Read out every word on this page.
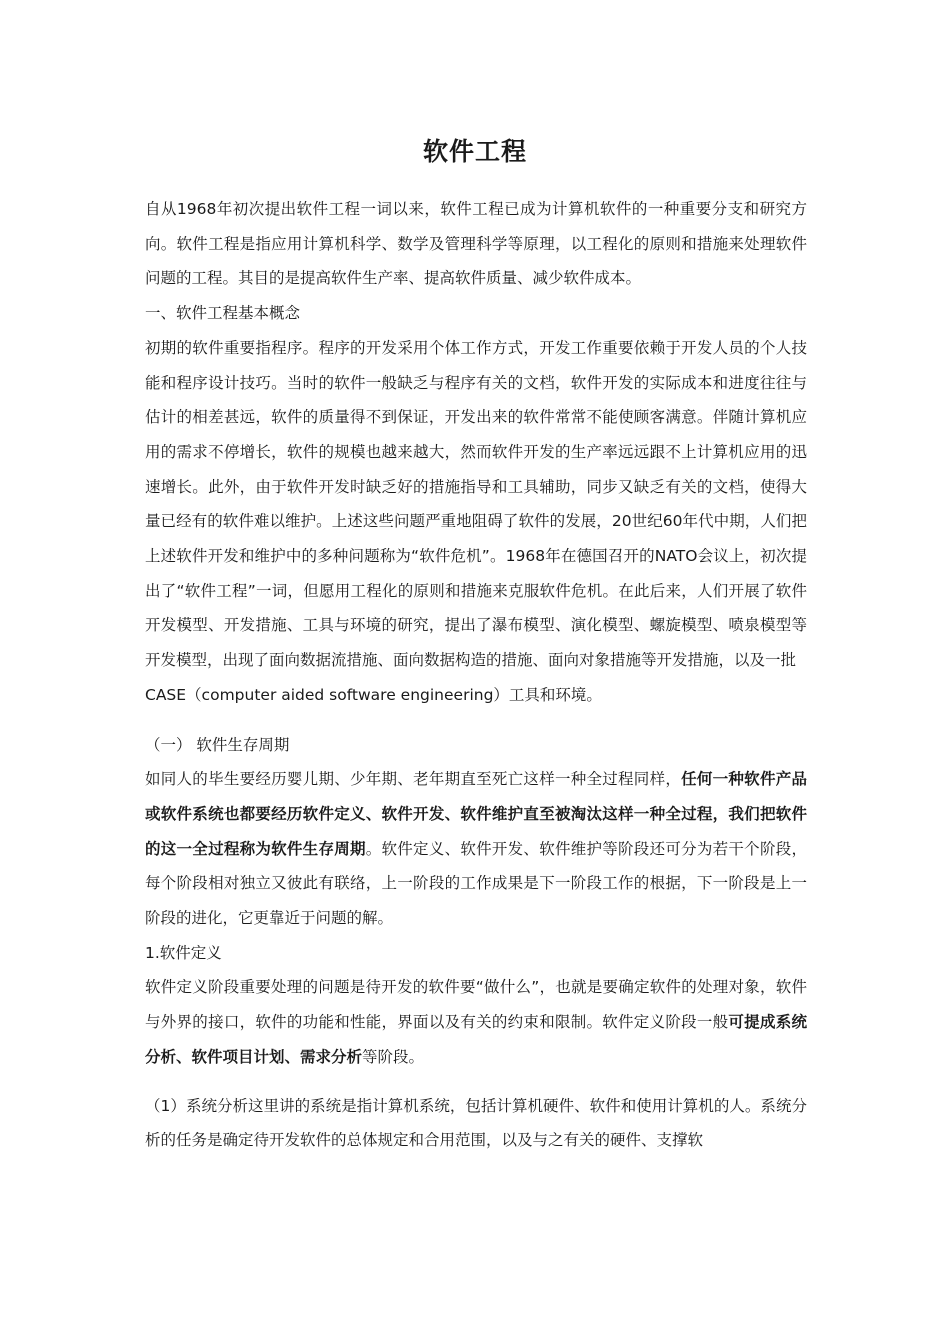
软件工程

自从1968年初次提出软件工程一词以来，软件工程已成为计算机软件的一种重要分支和研究方向。软件工程是指应用计算机科学、数学及管理科学等原理，以工程化的原则和措施来处理软件问题的工程。其目的是提高软件生产率、提高软件质量、减少软件成本。

一、软件工程基本概念

初期的软件重要指程序。程序的开发采用个体工作方式，开发工作重要依赖于开发人员的个人技能和程序设计技巧。当时的软件一般缺乏与程序有关的文档，软件开发的实际成本和进度往往与估计的相差甚远，软件的质量得不到保证，开发出来的软件常常不能使顾客满意。伴随计算机应用的需求不停增长，软件的规模也越来越大，然而软件开发的生产率远远跟不上计算机应用的迅速增长。此外，由于软件开发时缺乏好的措施指导和工具辅助，同步又缺乏有关的文档，使得大量已经有的软件难以维护。上述这些问题严重地阻碍了软件的发展，20世纪60年代中期，人们把上述软件开发和维护中的多种问题称为“软件危机”。1968年在德国召开的NATO会议上，初次提出了“软件工程”一词，但愿用工程化的原则和措施来克服软件危机。在此后来，人们开展了软件开发模型、开发措施、工具与环境的研究，提出了瀑布模型、演化模型、螺旋模型、喷泉模型等开发模型，出现了面向数据流措施、面向数据构造的措施、面向对象措施等开发措施，以及一批

CASE（computer aided software engineering）工具和环境。

（一） 软件生存周期

如同人的毕生要经历婴儿期、少年期、老年期直至死亡这样一种全过程同样，任何一种软件产品或软件系统也都要经历软件定义、软件开发、软件维护直至被淘汰这样一种全过程，我们把软件的这一全过程称为软件生存周期。软件定义、软件开发、软件维护等阶段还可分为若干个阶段，每个阶段相对独立又彼此有联络，上一阶段的工作成果是下一阶段工作的根据，下一阶段是上一阶段的进化，它更靠近于问题的解。

1.软件定义

软件定义阶段重要处理的问题是待开发的软件要“做什么”，也就是要确定软件的处理对象，软件与外界的接口，软件的功能和性能，界面以及有关的约束和限制。软件定义阶段一般可提成系统分析、软件项目计划、需求分析等阶段。

（1）系统分析这里讲的系统是指计算机系统，包括计算机硬件、软件和使用计算机的人。系统分析的任务是确定待开发软件的总体规定和合用范围，以及与之有关的硬件、支撑软
